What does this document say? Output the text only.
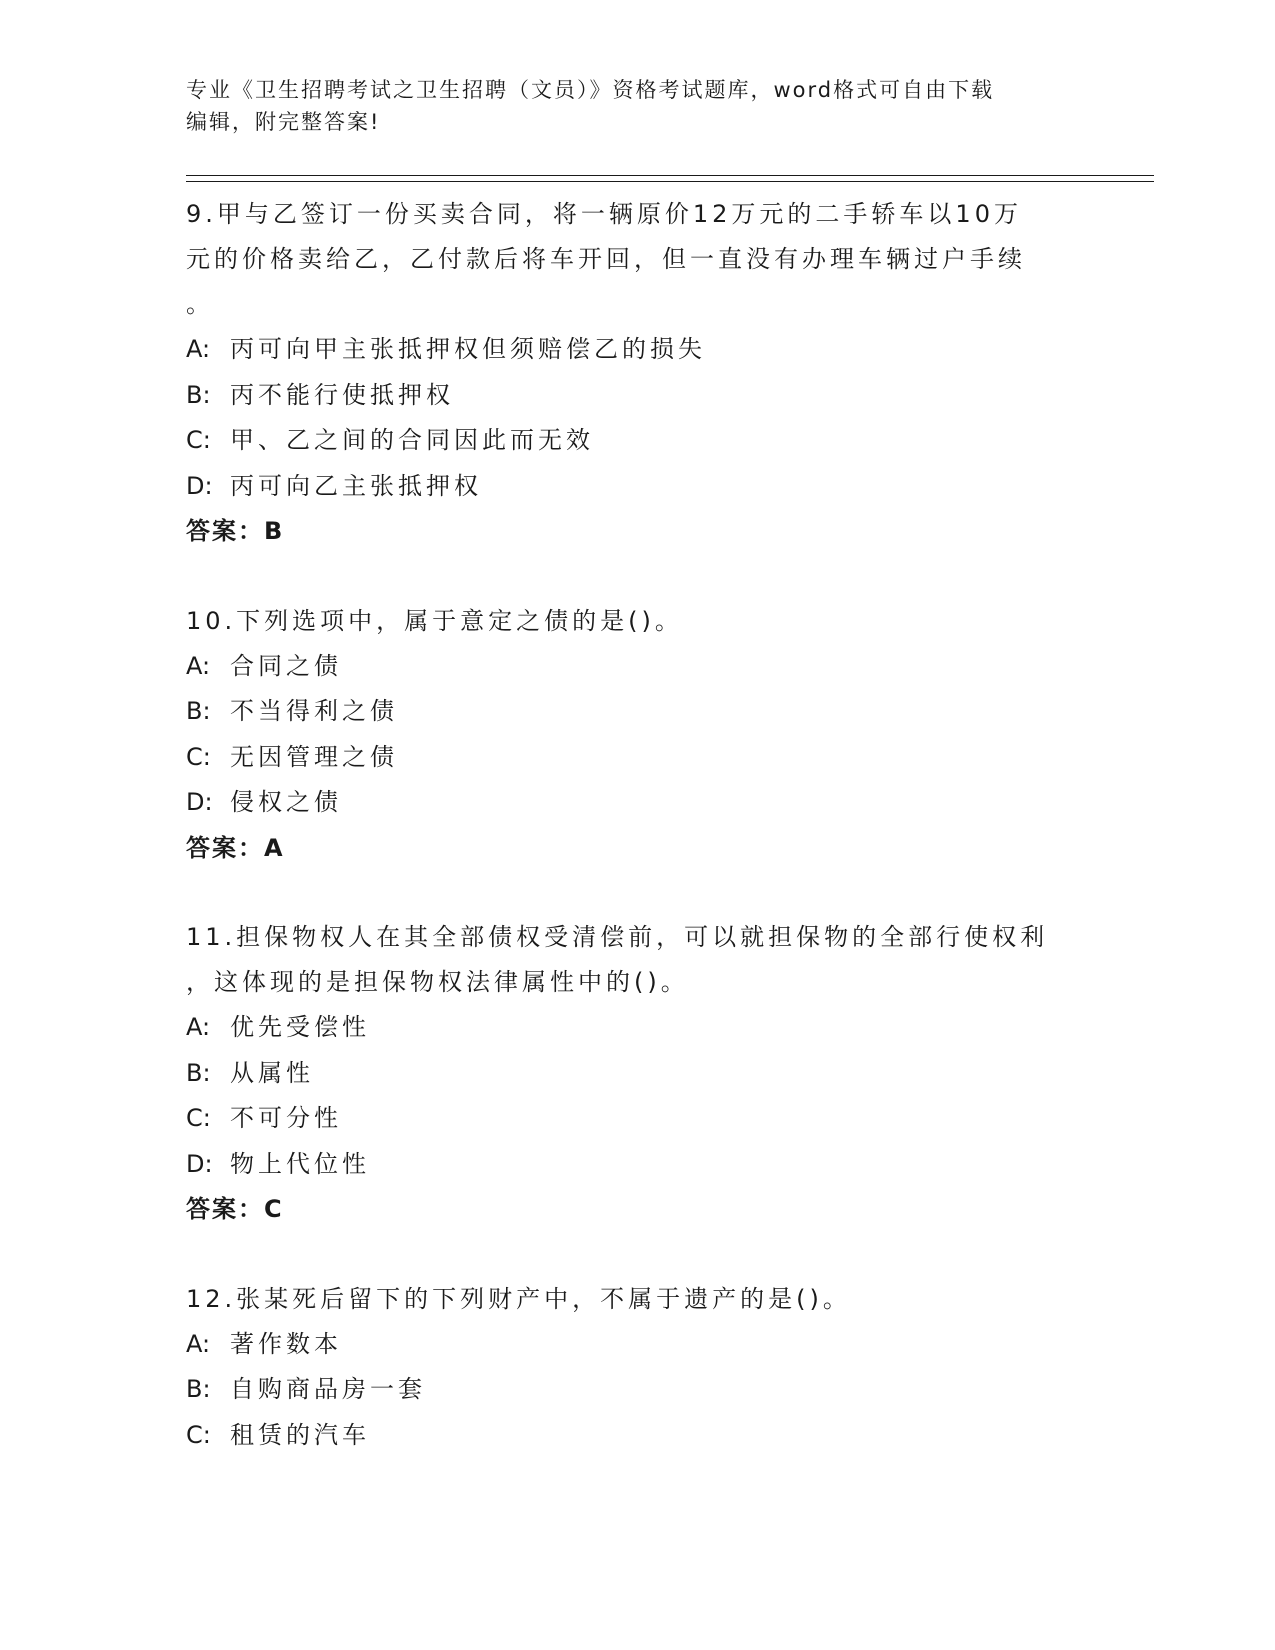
专业《卫生招聘考试之卫生招聘（文员）》资格考试题库，word格式可自由下载
编辑，附完整答案!

9.甲与乙签订一份买卖合同，将一辆原价12万元的二手轿车以10万

元的价格卖给乙，乙付款后将车开回，但一直没有办理车辆过户手续

。

A: 丙可向甲主张抵押权但须赔偿乙的损失

B: 丙不能行使抵押权

C: 甲、乙之间的合同因此而无效

D: 丙可向乙主张抵押权

答案：B

10.下列选项中，属于意定之债的是()。

A: 合同之债

B: 不当得利之债

C: 无因管理之债

D: 侵权之债

答案：A

11.担保物权人在其全部债权受清偿前，可以就担保物的全部行使权利

，这体现的是担保物权法律属性中的()。

A: 优先受偿性

B: 从属性

C: 不可分性

D: 物上代位性

答案：C

12.张某死后留下的下列财产中，不属于遗产的是()。

A: 著作数本

B: 自购商品房一套

C: 租赁的汽车
